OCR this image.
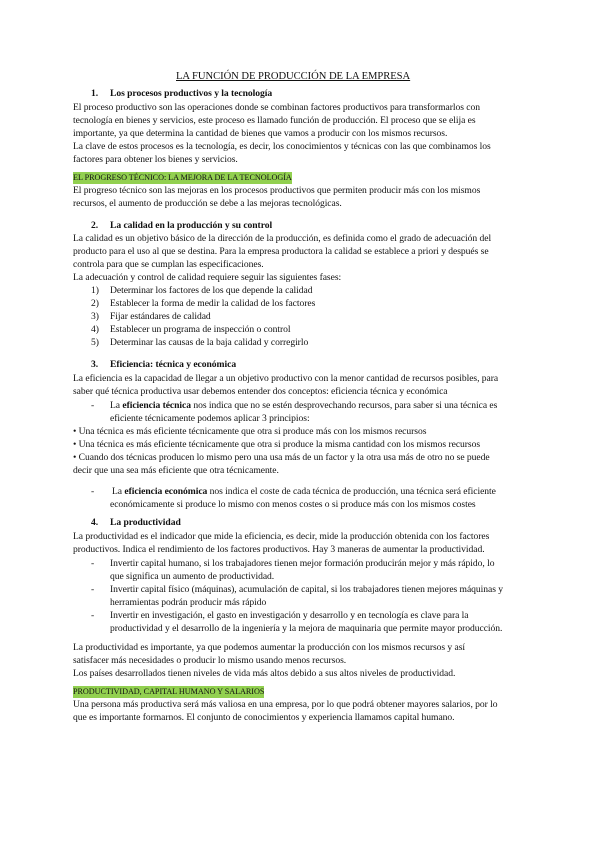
LA FUNCIÓN DE PRODUCCIÓN DE LA EMPRESA
1. Los procesos productivos y la tecnología
El proceso productivo son las operaciones donde se combinan factores productivos para transformarlos con
tecnología en bienes y servicios, este proceso es llamado función de producción. El proceso que se elija es
importante, ya que determina la cantidad de bienes que vamos a producir con los mismos recursos.
La clave de estos procesos es la tecnología, es decir, los conocimientos y técnicas con las que combinamos los
factores para obtener los bienes y servicios.
EL PROGRESO TÉCNICO: LA MEJORA DE LA TECNOLOGÍA
El progreso técnico son las mejoras en los procesos productivos que permiten producir más con los mismos
recursos, el aumento de producción se debe a las mejoras tecnológicas.
2. La calidad en la producción y su control
La calidad es un objetivo básico de la dirección de la producción, es definida como el grado de adecuación del
producto para el uso al que se destina. Para la empresa productora la calidad se establece a priori y después se
controla para que se cumplan las especificaciones.
La adecuación y control de calidad requiere seguir las siguientes fases:
1) Determinar los factores de los que depende la calidad
2) Establecer la forma de medir la calidad de los factores
3) Fijar estándares de calidad
4) Establecer un programa de inspección o control
5) Determinar las causas de la baja calidad y corregirlo
3. Eficiencia: técnica y económica
La eficiencia es la capacidad de llegar a un objetivo productivo con la menor cantidad de recursos posibles, para
saber qué técnica productiva usar debemos entender dos conceptos: eficiencia técnica y económica
- La eficiencia técnica nos indica que no se estén desprovechando recursos, para saber si una técnica es
eficiente técnicamente podemos aplicar 3 principios:
• Una técnica es más eficiente técnicamente que otra si produce más con los mismos recursos
• Una técnica es más eficiente técnicamente que otra si produce la misma cantidad con los mismos recursos
• Cuando dos técnicas producen lo mismo pero una usa más de un factor y la otra usa más de otro no se puede
decir que una sea más eficiente que otra técnicamente.
- La eficiencia económica nos indica el coste de cada técnica de producción, una técnica será eficiente
económicamente si produce lo mismo con menos costes o si produce más con los mismos costes
4. La productividad
La productividad es el indicador que mide la eficiencia, es decir, mide la producción obtenida con los factores
productivos. Indica el rendimiento de los factores productivos. Hay 3 maneras de aumentar la productividad.
- Invertir capital humano, si los trabajadores tienen mejor formación producirán mejor y más rápido, lo
que significa un aumento de productividad.
- Invertir capital físico (máquinas), acumulación de capital, si los trabajadores tienen mejores máquinas y
herramientas podrán producir más rápido
- Invertir en investigación, el gasto en investigación y desarrollo y en tecnología es clave para la
productividad y el desarrollo de la ingeniería y la mejora de maquinaria que permite mayor producción.
La productividad es importante, ya que podemos aumentar la producción con los mismos recursos y así
satisfacer más necesidades o producir lo mismo usando menos recursos.
Los países desarrollados tienen niveles de vida más altos debido a sus altos niveles de productividad.
PRODUCTIVIDAD, CAPITAL HUMANO Y SALARIOS
Una persona más productiva será más valiosa en una empresa, por lo que podrá obtener mayores salarios, por lo
que es importante formarnos. El conjunto de conocimientos y experiencia llamamos capital humano.
